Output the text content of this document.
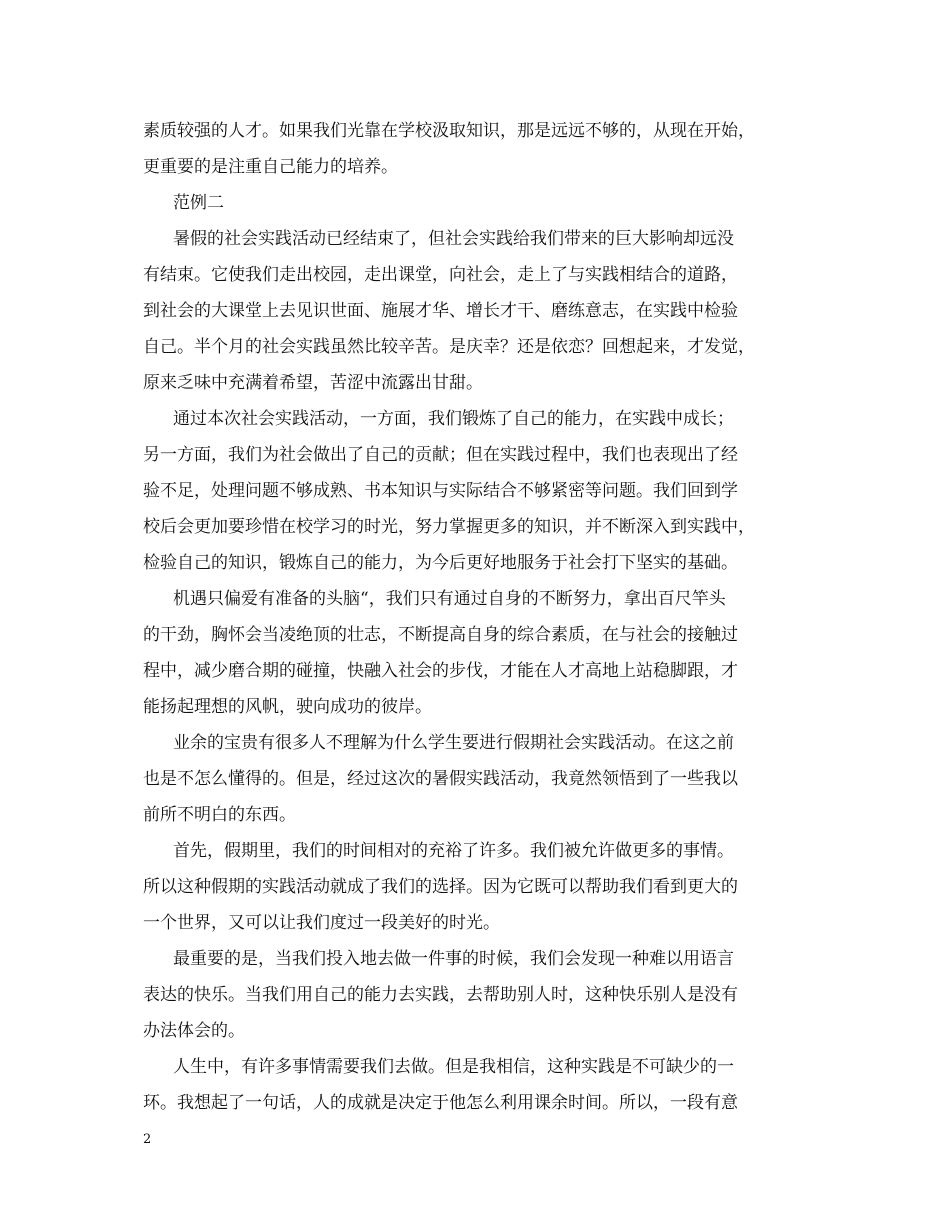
素质较强的人才。如果我们光靠在学校汲取知识，那是远远不够的，从现在开始，
更重要的是注重自己能力的培养。
范例二
暑假的社会实践活动已经结束了，但社会实践给我们带来的巨大影响却远没
有结束。它使我们走出校园，走出课堂，向社会，走上了与实践相结合的道路，
到社会的大课堂上去见识世面、施展才华、增长才干、磨练意志，在实践中检验
自己。半个月的社会实践虽然比较辛苦。是庆幸？还是依恋？回想起来，才发觉，
原来乏味中充满着希望，苦涩中流露出甘甜。
通过本次社会实践活动，一方面，我们锻炼了自己的能力，在实践中成长；
另一方面，我们为社会做出了自己的贡献；但在实践过程中，我们也表现出了经
验不足，处理问题不够成熟、书本知识与实际结合不够紧密等问题。我们回到学
校后会更加要珍惜在校学习的时光，努力掌握更多的知识，并不断深入到实践中，
检验自己的知识，锻炼自己的能力，为今后更好地服务于社会打下坚实的基础。
机遇只偏爱有准备的头脑“，我们只有通过自身的不断努力，拿出百尺竿头
的干劲，胸怀会当凌绝顶的壮志，不断提高自身的综合素质，在与社会的接触过
程中，减少磨合期的碰撞，快融入社会的步伐，才能在人才高地上站稳脚跟，才
能扬起理想的风帆，驶向成功的彼岸。
业余的宝贵有很多人不理解为什么学生要进行假期社会实践活动。在这之前
也是不怎么懂得的。但是，经过这次的暑假实践活动，我竟然领悟到了一些我以
前所不明白的东西。
首先，假期里，我们的时间相对的充裕了许多。我们被允许做更多的事情。
所以这种假期的实践活动就成了我们的选择。因为它既可以帮助我们看到更大的
一个世界，又可以让我们度过一段美好的时光。
最重要的是，当我们投入地去做一件事的时候，我们会发现一种难以用语言
表达的快乐。当我们用自己的能力去实践，去帮助别人时，这种快乐别人是没有
办法体会的。
人生中，有许多事情需要我们去做。但是我相信，这种实践是不可缺少的一
环。我想起了一句话，人的成就是决定于他怎么利用课余时间。所以，一段有意
2
